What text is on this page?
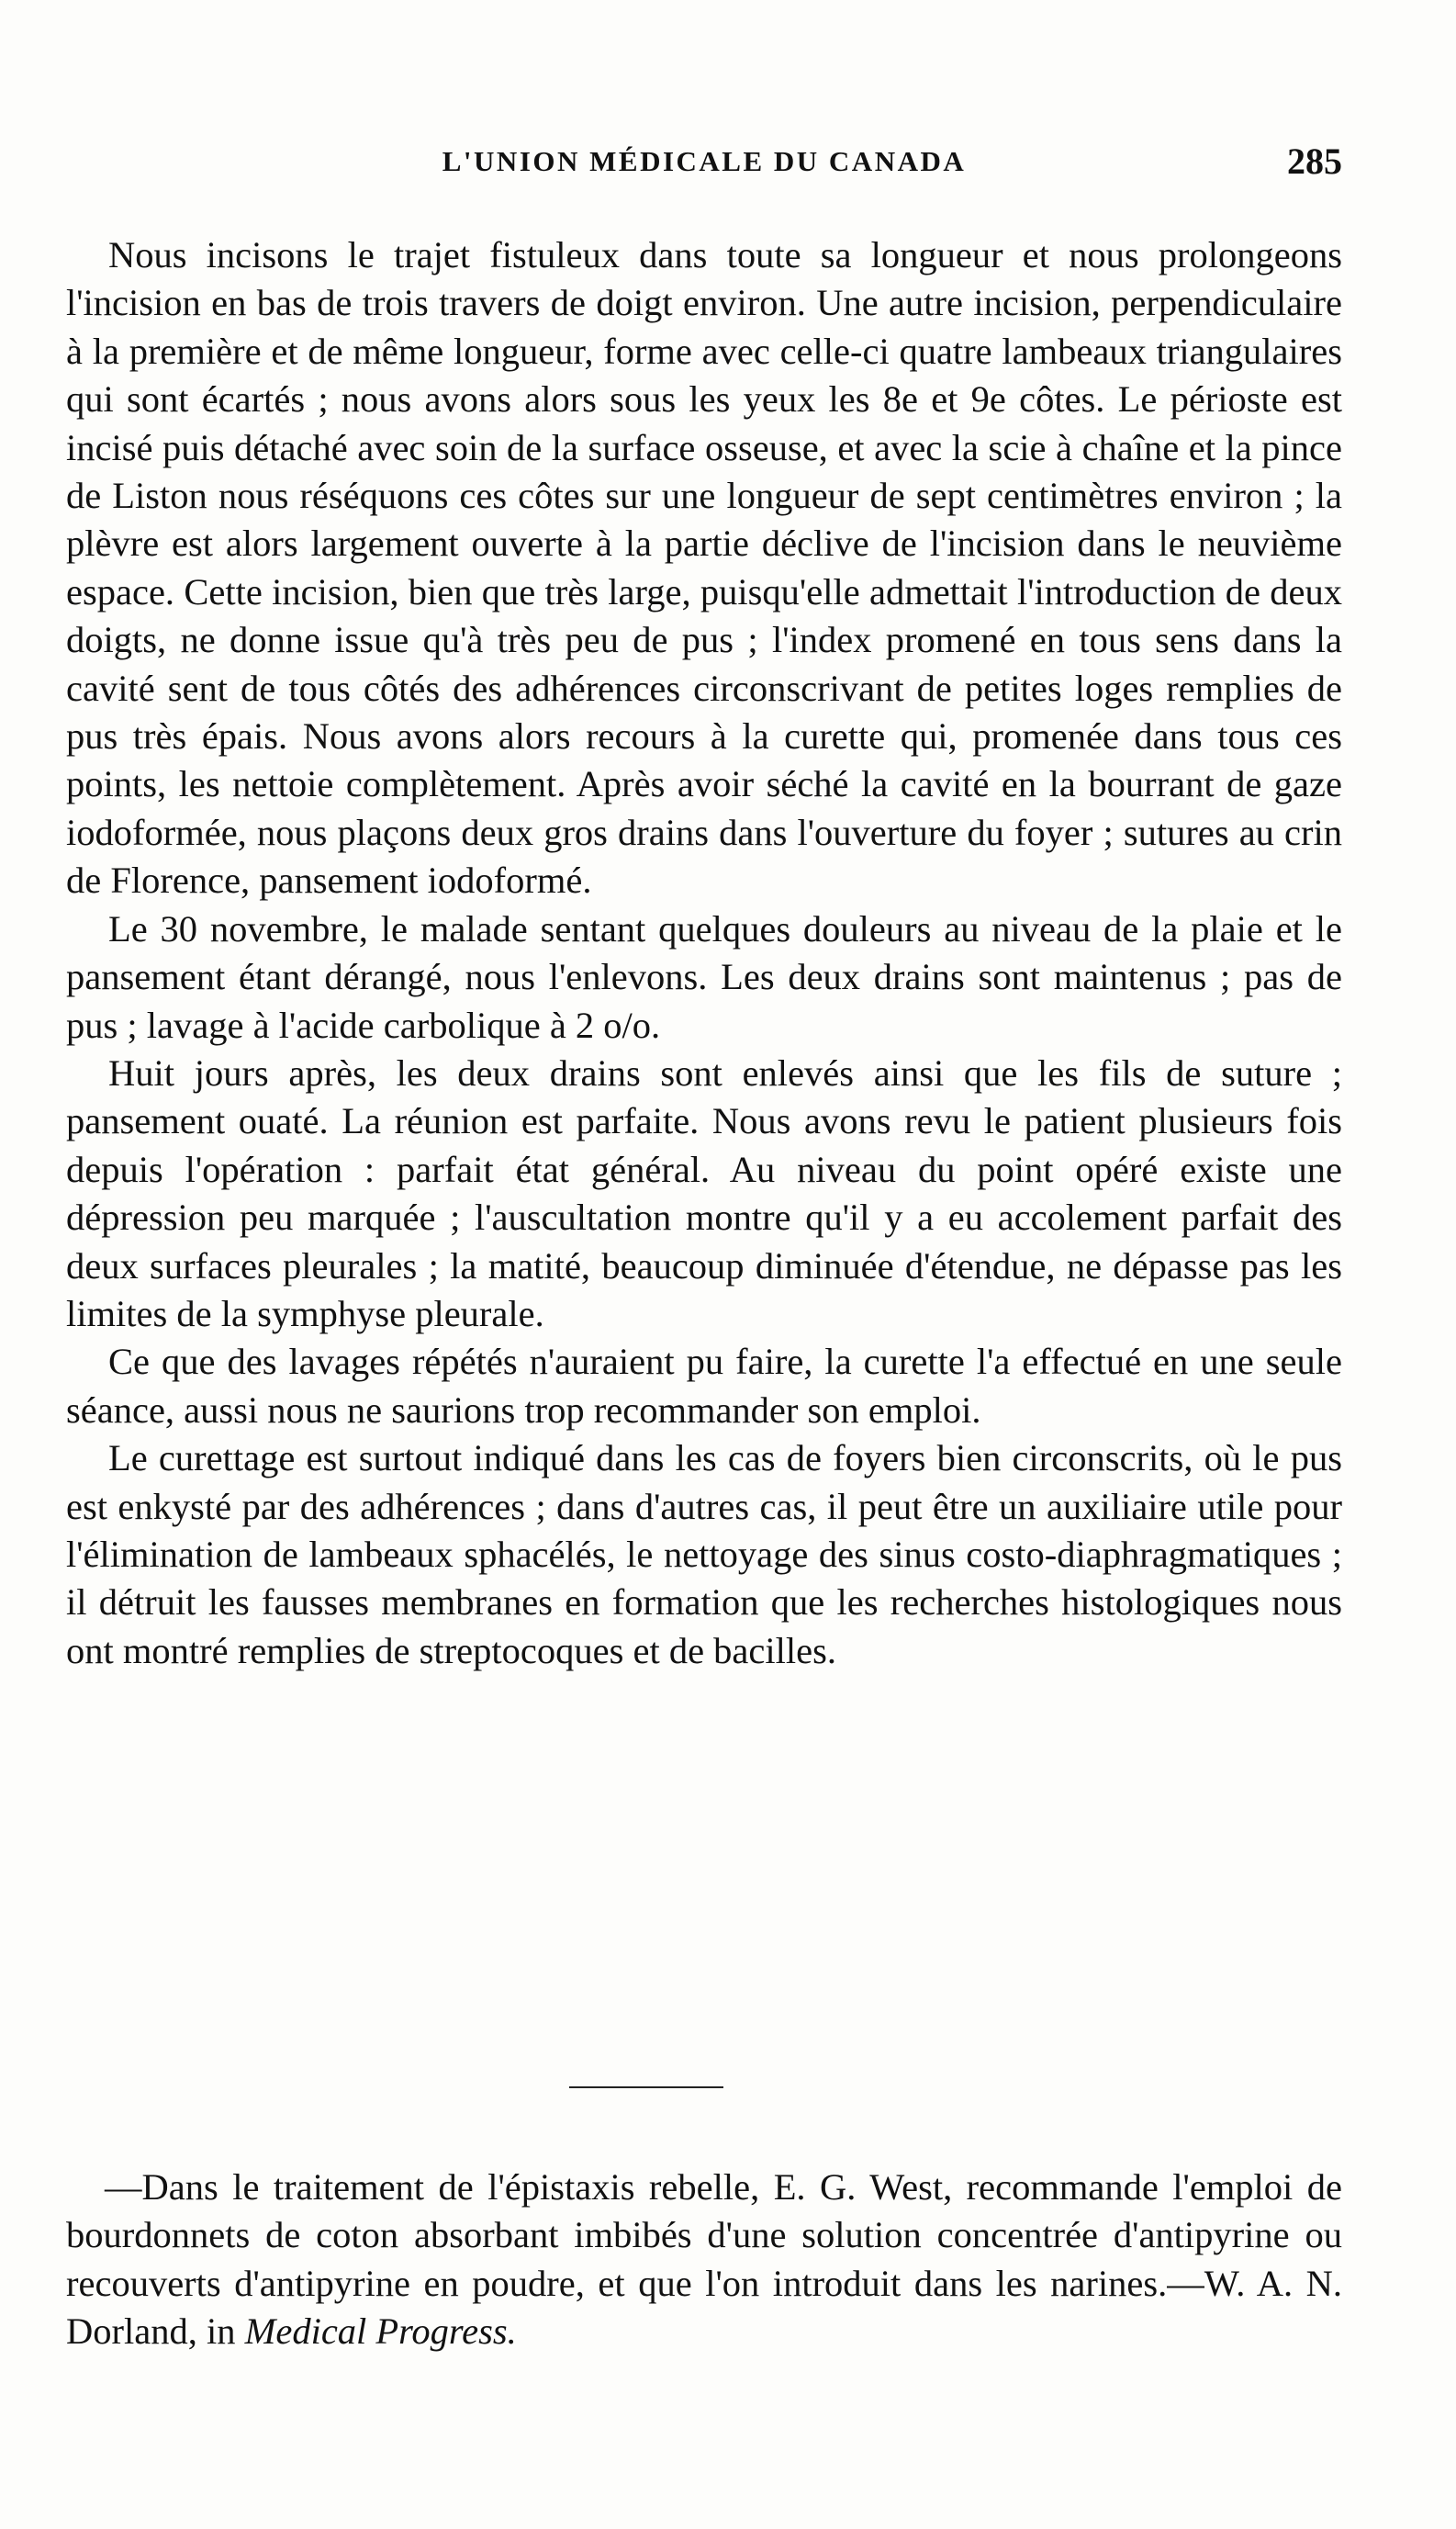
L'UNION MÉDICALE DU CANADA	285

Nous incisons le trajet fistuleux dans toute sa longueur et nous prolongeons l'incision en bas de trois travers de doigt environ. Une autre incision, perpendiculaire à la première et de même longueur, forme avec celle-ci quatre lambeaux triangulaires qui sont écartés ; nous avons alors sous les yeux les 8e et 9e côtes. Le périoste est incisé puis détaché avec soin de la surface osseuse, et avec la scie à chaîne et la pince de Liston nous réséquons ces côtes sur une longueur de sept centimètres environ ; la plèvre est alors largement ouverte à la partie déclive de l'incision dans le neuvième espace. Cette incision, bien que très large, puisqu'elle admettait l'introduction de deux doigts, ne donne issue qu'à très peu de pus ; l'index promené en tous sens dans la cavité sent de tous côtés des adhérences circonscrivant de petites loges remplies de pus très épais. Nous avons alors recours à la curette qui, promenée dans tous ces points, les nettoie complètement. Après avoir séché la cavité en la bourrant de gaze iodoformée, nous plaçons deux gros drains dans l'ouverture du foyer ; sutures au crin de Florence, pansement iodoformé.

Le 30 novembre, le malade sentant quelques douleurs au niveau de la plaie et le pansement étant dérangé, nous l'enlevons. Les deux drains sont maintenus ; pas de pus ; lavage à l'acide carbolique à 2 o/o.

Huit jours après, les deux drains sont enlevés ainsi que les fils de suture ; pansement ouaté. La réunion est parfaite. Nous avons revu le patient plusieurs fois depuis l'opération : parfait état général. Au niveau du point opéré existe une dépression peu marquée ; l'auscultation montre qu'il y a eu accolement parfait des deux surfaces pleurales ; la matité, beaucoup diminuée d'étendue, ne dépasse pas les limites de la symphyse pleurale.

Ce que des lavages répétés n'auraient pu faire, la curette l'a effectué en une seule séance, aussi nous ne saurions trop recommander son emploi.

Le curettage est surtout indiqué dans les cas de foyers bien circonscrits, où le pus est enkysté par des adhérences ; dans d'autres cas, il peut être un auxiliaire utile pour l'élimination de lambeaux sphacélés, le nettoyage des sinus costo-diaphragmatiques ; il détruit les fausses membranes en formation que les recherches histologiques nous ont montré remplies de streptocoques et de bacilles.

—Dans le traitement de l'épistaxis rebelle, E. G. West, recommande l'emploi de bourdonnets de coton absorbant imbibés d'une solution concentrée d'antipyrine ou recouverts d'antipyrine en poudre, et que l'on introduit dans les narines.—W. A. N. Dorland, in Medical Progress.
